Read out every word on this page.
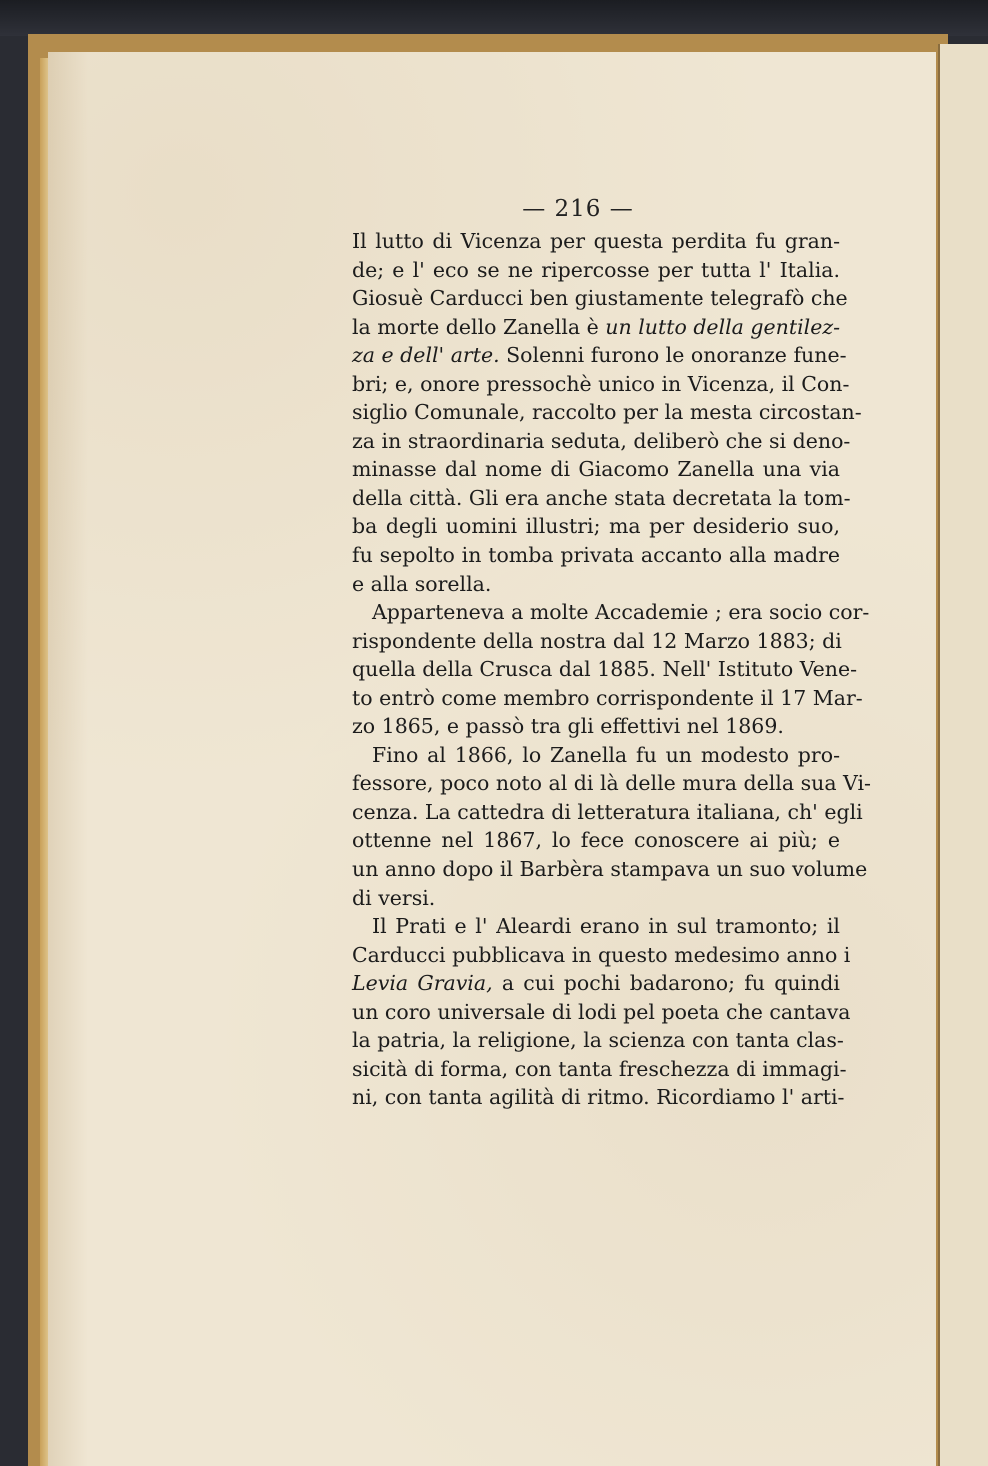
— 216 —

Il lutto di Vicenza per questa perdita fu gran-
de; e l' eco se ne ripercosse per tutta l' Italia.
Giosuè Carducci ben giustamente telegrafò che
la morte dello Zanella è un lutto della gentilez-
za e dell' arte. Solenni furono le onoranze fune-
bri; e, onore pressochè unico in Vicenza, il Con-
siglio Comunale, raccolto per la mesta circostan-
za in straordinaria seduta, deliberò che si deno-
minasse dal nome di Giacomo Zanella una via
della città. Gli era anche stata decretata la tom-
ba degli uomini illustri; ma per desiderio suo,
fu sepolto in tomba privata accanto alla madre
e alla sorella.
Apparteneva a molte Accademie ; era socio cor-
rispondente della nostra dal 12 Marzo 1883; di
quella della Crusca dal 1885. Nell' Istituto Vene-
to entrò come membro corrispondente il 17 Mar-
zo 1865, e passò tra gli effettivi nel 1869.
Fino al 1866, lo Zanella fu un modesto pro-
fessore, poco noto al di là delle mura della sua Vi-
cenza. La cattedra di letteratura italiana, ch' egli
ottenne nel 1867, lo fece conoscere ai più; e
un anno dopo il Barbèra stampava un suo volume
di versi.
Il Prati e l' Aleardi erano in sul tramonto; il
Carducci pubblicava in questo medesimo anno i
Levia Gravia, a cui pochi badarono; fu quindi
un coro universale di lodi pel poeta che cantava
la patria, la religione, la scienza con tanta clas-
sicità di forma, con tanta freschezza di immagi-
ni, con tanta agilità di ritmo. Ricordiamo l' arti-
